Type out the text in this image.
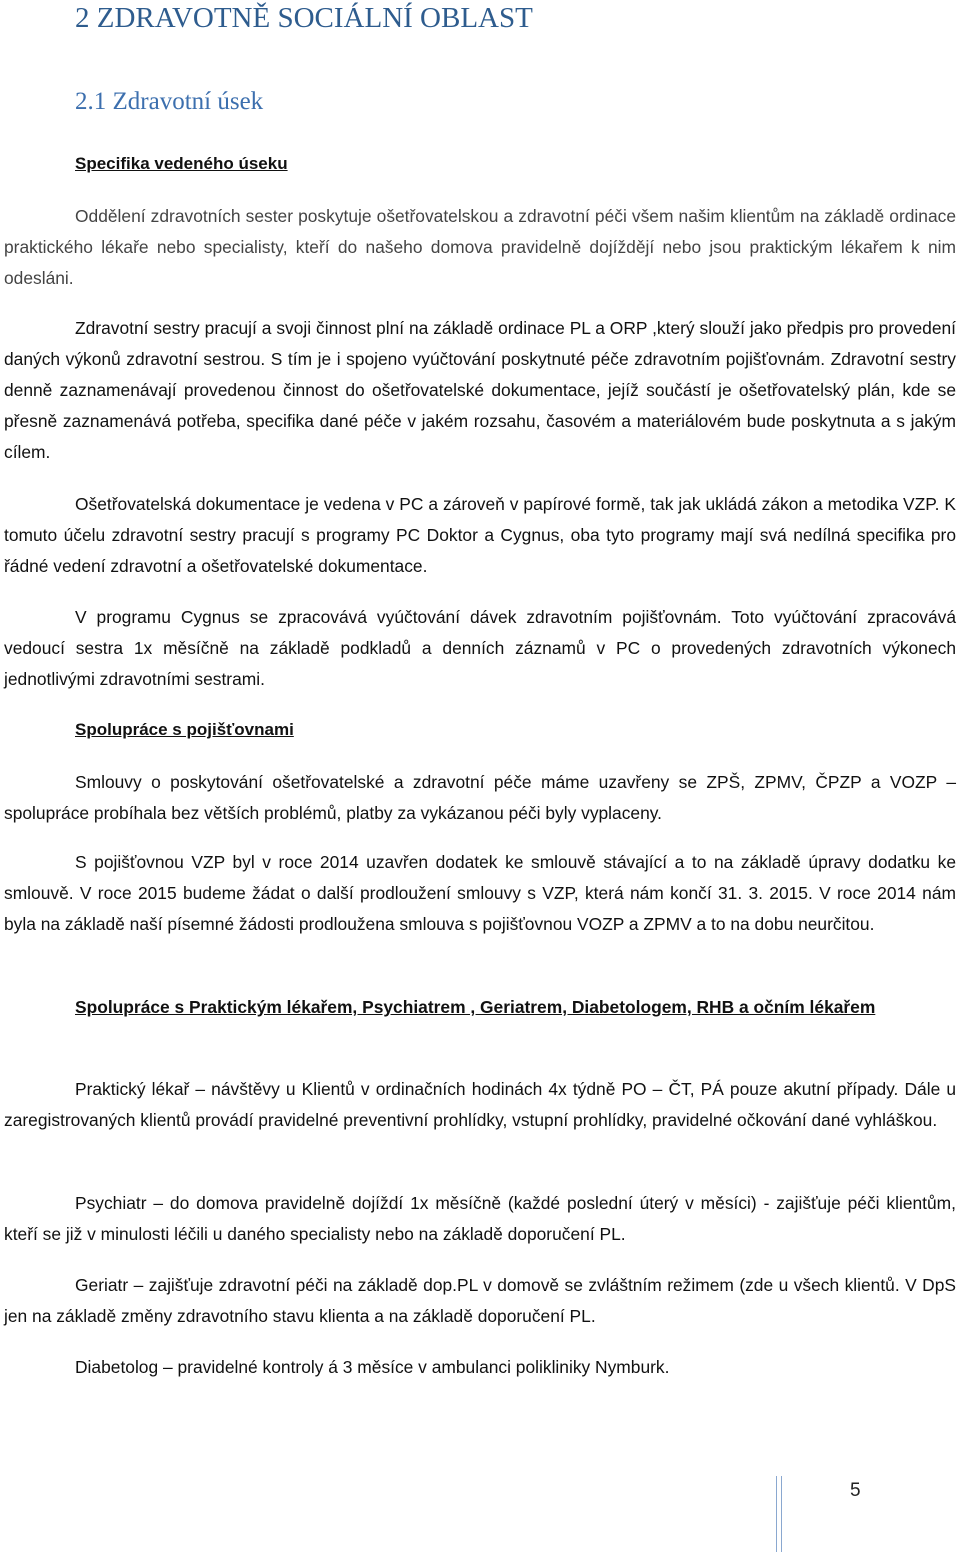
2 ZDRAVOTNĚ SOCIÁLNÍ OBLAST
2.1 Zdravotní úsek
Specifika vedeného úseku

Oddělení zdravotních sester poskytuje ošetřovatelskou a zdravotní péči všem našim klientům na základě ordinace praktického lékaře nebo specialisty, kteří do našeho domova pravidelně dojíždějí nebo jsou praktickým lékařem k nim odesláni.

Zdravotní sestry pracují a svoji činnost plní na základě ordinace PL a ORP ,který slouží jako předpis pro provedení daných výkonů zdravotní sestrou. S tím je i spojeno vyúčtování poskytnuté péče zdravotním pojišťovnám. Zdravotní sestry denně zaznamenávají provedenou činnost do ošetřovatelské dokumentace, jejíž součástí je ošetřovatelský plán, kde se přesně zaznamenává potřeba, specifika dané péče v jakém rozsahu, časovém a materiálovém bude poskytnuta a s jakým cílem.

Ošetřovatelská dokumentace je vedena v PC a zároveň v papírové formě, tak jak ukládá zákon a metodika VZP. K tomuto účelu zdravotní sestry pracují s programy PC Doktor a Cygnus, oba tyto programy mají svá nedílná specifika pro řádné vedení zdravotní a ošetřovatelské dokumentace.

V programu Cygnus se zpracovává vyúčtování dávek zdravotním pojišťovnám. Toto vyúčtování zpracovává vedoucí sestra 1x měsíčně na základě podkladů a denních záznamů v PC o provedených zdravotních výkonech jednotlivými zdravotními sestrami.

Spolupráce s pojišťovnami

Smlouvy o poskytování ošetřovatelské a zdravotní péče máme uzavřeny se ZPŠ, ZPMV, ČPZP a VOZP – spolupráce probíhala bez větších problémů, platby za vykázanou péči byly vyplaceny.

S pojišťovnou VZP byl v roce 2014 uzavřen dodatek ke smlouvě stávající a to na základě úpravy dodatku ke smlouvě. V roce 2015 budeme žádat o další prodloužení smlouvy s VZP, která nám končí 31. 3. 2015. V roce 2014 nám byla na základě naší písemné žádosti prodloužena smlouva s pojišťovnou VOZP a ZPMV a to na dobu neurčitou.

Spolupráce s Praktickým lékařem, Psychiatrem , Geriatrem, Diabetologem, RHB a očním lékařem

Praktický lékař – návštěvy u Klientů v ordinačních hodinách 4x týdně PO – ČT, PÁ pouze akutní případy. Dále u zaregistrovaných klientů provádí pravidelné preventivní prohlídky, vstupní prohlídky, pravidelné očkování dané vyhláškou.

Psychiatr – do domova pravidelně dojíždí 1x měsíčně (každé poslední úterý v měsíci) - zajišťuje péči klientům, kteří se již v minulosti léčili u daného specialisty nebo na základě doporučení PL.

Geriatr – zajišťuje zdravotní péči na základě dop.PL v domově se zvláštním režimem (zde u všech klientů. V DpS jen na základě změny zdravotního stavu klienta a na základě doporučení PL.

Diabetolog – pravidelné kontroly á 3 měsíce v ambulanci polikliniky Nymburk.

5
